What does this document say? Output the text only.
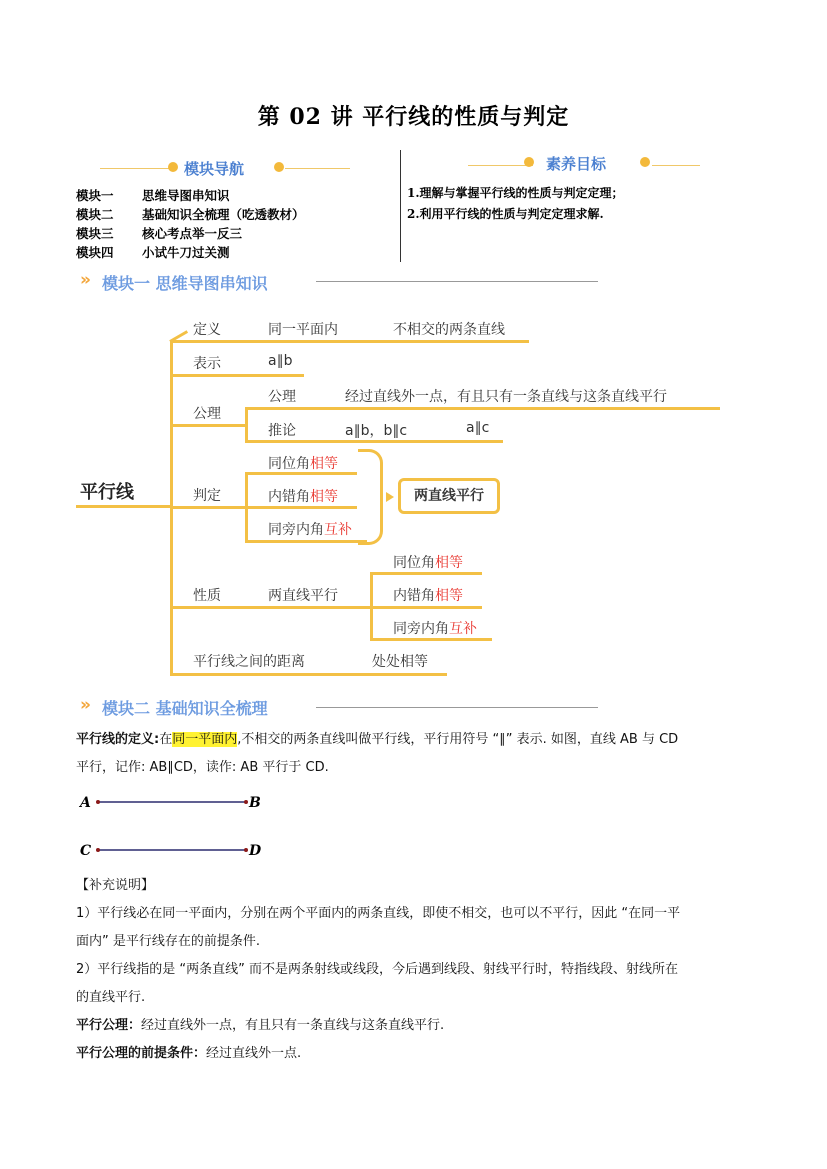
第 02 讲 平行线的性质与判定
模块导航
模块一 思维导图串知识
模块二 基础知识全梳理（吃透教材）
模块三 核心考点举一反三
模块四 小试牛刀过关测
素养目标
1.理解与掌握平行线的性质与判定定理；
2.利用平行线的性质与判定定理求解.
» 模块一 思维导图串知识
平行线
定义	同一平面内	不相交的两条直线
表示	a∥b
公理
公理	经过直线外一点，有且只有一条直线与这条直线平行
推论	a∥b，b∥c	a∥c
判定
同位角相等
内错角相等
同旁内角互补
两直线平行
性质	两直线平行
同位角相等
内错角相等
同旁内角互补
平行线之间的距离	处处相等
» 模块二 基础知识全梳理
平行线的定义:在同一平面内,不相交的两条直线叫做平行线，平行用符号 “∥” 表示. 如图，直线 AB 与 CD
平行，记作: AB∥CD，读作: AB 平行于 CD.
A	B
C	D
【补充说明】
1）平行线必在同一平面内，分别在两个平面内的两条直线，即使不相交，也可以不平行，因此 “在同一平
面内” 是平行线存在的前提条件.
2）平行线指的是 “两条直线” 而不是两条射线或线段，今后遇到线段、射线平行时，特指线段、射线所在
的直线平行.
平行公理：经过直线外一点，有且只有一条直线与这条直线平行.
平行公理的前提条件：经过直线外一点.
